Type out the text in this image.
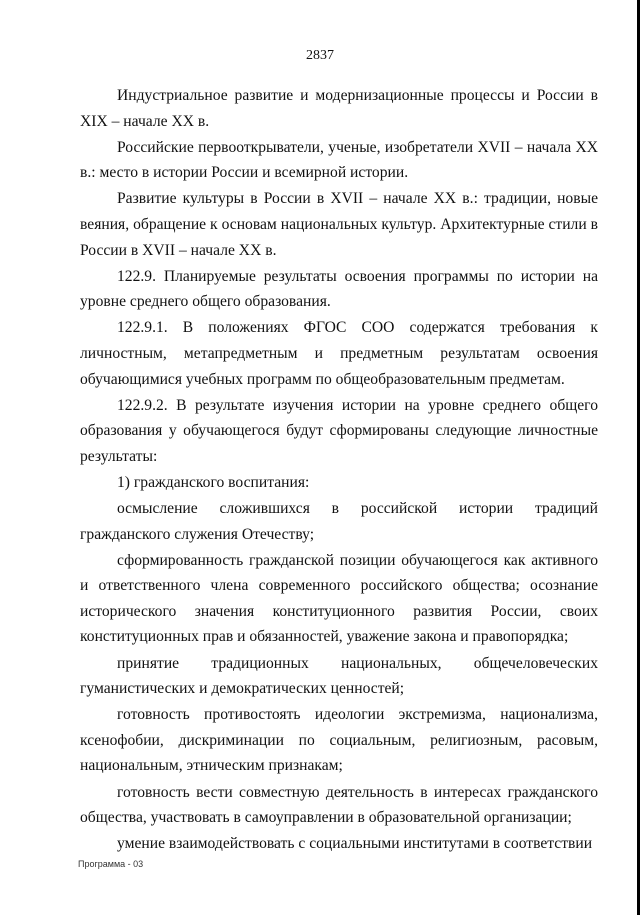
2837

Индустриальное развитие и модернизационные процессы и России в XIX – начале XX в.

Российские первооткрыватели, ученые, изобретатели XVII – начала XX в.: место в истории России и всемирной истории.

Развитие культуры в России в XVII – начале XX в.: традиции, новые веяния, обращение к основам национальных культур. Архитектурные стили в России в XVII – начале XX в.

122.9. Планируемые результаты освоения программы по истории на уровне среднего общего образования.

122.9.1. В положениях ФГОС СОО содержатся требования к личностным, метапредметным и предметным результатам освоения обучающимися учебных программ по общеобразовательным предметам.

122.9.2. В результате изучения истории на уровне среднего общего образования у обучающегося будут сформированы следующие личностные результаты:

1) гражданского воспитания:

осмысление сложившихся в российской истории традиций гражданского служения Отечеству;

сформированность гражданской позиции обучающегося как активного и ответственного члена современного российского общества; осознание исторического значения конституционного развития России, своих конституционных прав и обязанностей, уважение закона и правопорядка;

принятие традиционных национальных, общечеловеческих гуманистических и демократических ценностей;

готовность противостоять идеологии экстремизма, национализма, ксенофобии, дискриминации по социальным, религиозным, расовым, национальным, этническим признакам;

готовность вести совместную деятельность в интересах гражданского общества, участвовать в самоуправлении в образовательной организации;

умение взаимодействовать с социальными институтами в соответствии

Программа - 03
